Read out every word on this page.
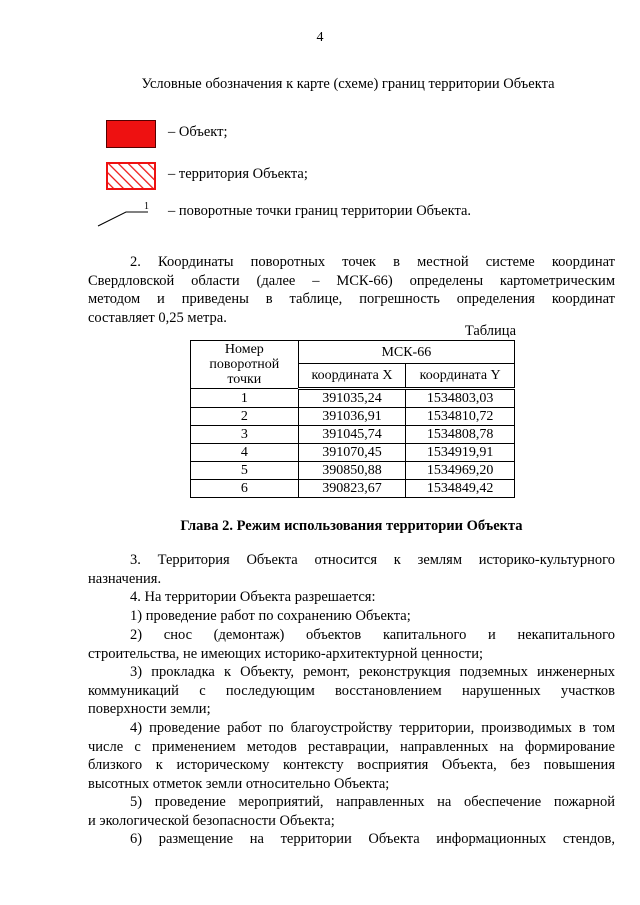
4
Условные обозначения к карте (схеме) границ территории Объекта
– Объект;
– территория Объекта;
1 – поворотные точки границ территории Объекта.
2. Координаты поворотных точек в местной системе координат
Свердловской области (далее – МСК-66) определены картометрическим
методом и приведены в таблице, погрешность определения координат
составляет 0,25 метра.
Таблица
Номер поворотной точки	МСК-66	
	координата X	координата Y
1	391035,24	1534803,03
2	391036,91	1534810,72
3	391045,74	1534808,78
4	391070,45	1534919,91
5	390850,88	1534969,20
6	390823,67	1534849,42
Глава 2. Режим использования территории Объекта
3. Территория Объекта относится к землям историко-культурного
назначения.
4. На территории Объекта разрешается:
1) проведение работ по сохранению Объекта;
2) снос (демонтаж) объектов капитального и некапитального
строительства, не имеющих историко-архитектурной ценности;
3) прокладка к Объекту, ремонт, реконструкция подземных инженерных
коммуникаций с последующим восстановлением нарушенных участков
поверхности земли;
4) проведение работ по благоустройству территории, производимых в том
числе с применением методов реставрации, направленных на формирование
близкого к историческому контексту восприятия Объекта, без повышения
высотных отметок земли относительно Объекта;
5) проведение мероприятий, направленных на обеспечение пожарной
и экологической безопасности Объекта;
6) размещение на территории Объекта информационных стендов,
